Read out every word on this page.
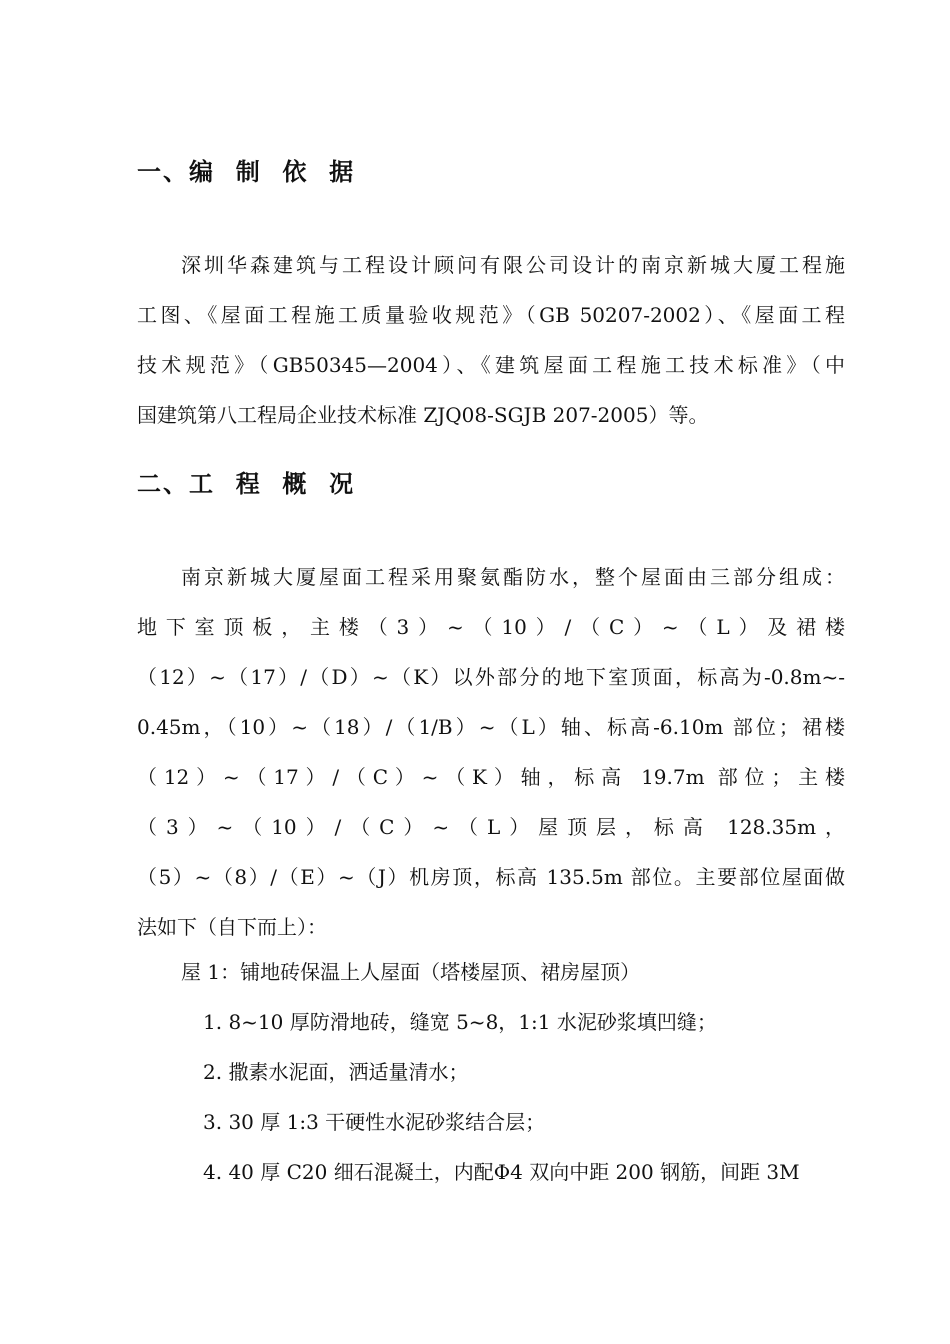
一、编  制  依  据
深圳华森建筑与工程设计顾问有限公司设计的南京新城大厦工程施
工图、《屋面工程施工质量验收规范》（GB 50207-2002）、《屋面工程
技术规范》（GB50345—2004）、《建筑屋面工程施工技术标准》（中
国建筑第八工程局企业技术标准 ZJQ08-SGJB 207-2005）等。
二、工  程  概  况
南京新城大厦屋面工程采用聚氨酯防水，整个屋面由三部分组成：
地下室顶板，主楼（3）~（10）/（C）~（L）及裙楼
（12）~（17）/（D）~（K）以外部分的地下室顶面，标高为-0.8m~-
0.45m，（10）~（18）/（1/B）~（L）轴、标高-6.10m 部位；裙楼
（12）~（17）/（C）~（K）轴，标高 19.7m 部位；主楼
（3）~（10）/（C）~（L）屋顶层，标高 128.35m，
（5）~（8）/（E）~（J）机房顶，标高 135.5m 部位。主要部位屋面做
法如下（自下而上）：
屋 1：铺地砖保温上人屋面（塔楼屋顶、裙房屋顶）
1. 8~10 厚防滑地砖，缝宽 5~8，1:1 水泥砂浆填凹缝；
2. 撒素水泥面，洒适量清水；
3. 30 厚 1:3 干硬性水泥砂浆结合层；
4. 40 厚 C20 细石混凝土，内配Φ4 双向中距 200 钢筋，间距 3M
